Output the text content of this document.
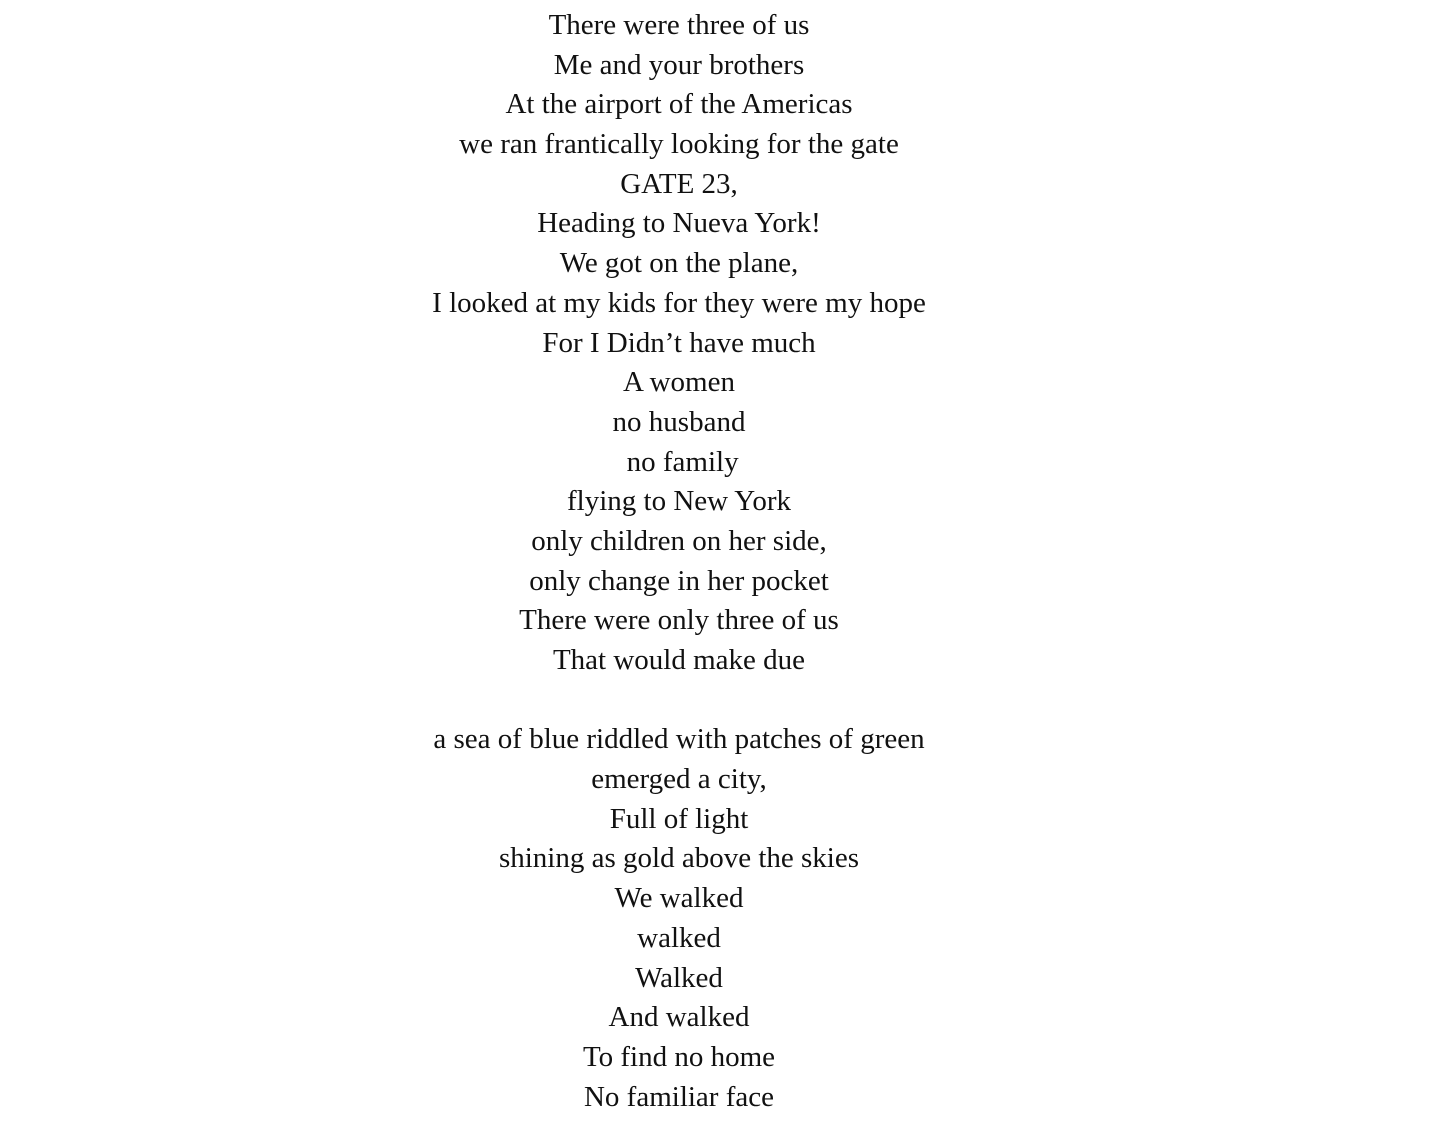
There were three of us
Me and your brothers
At the airport of the Americas
we ran frantically looking for the gate
GATE 23,
Heading to Nueva York!
We got on the plane,
I looked at my kids for they were my hope
For I Didn’t have much
A women
no husband
no family
flying to New York
only children on her side,
only change in her pocket
There were only three of us
That would make due
a sea of blue riddled with patches of green
emerged a city,
Full of light
shining as gold above the skies
We walked
walked
Walked
And walked
To find no home
No familiar face
